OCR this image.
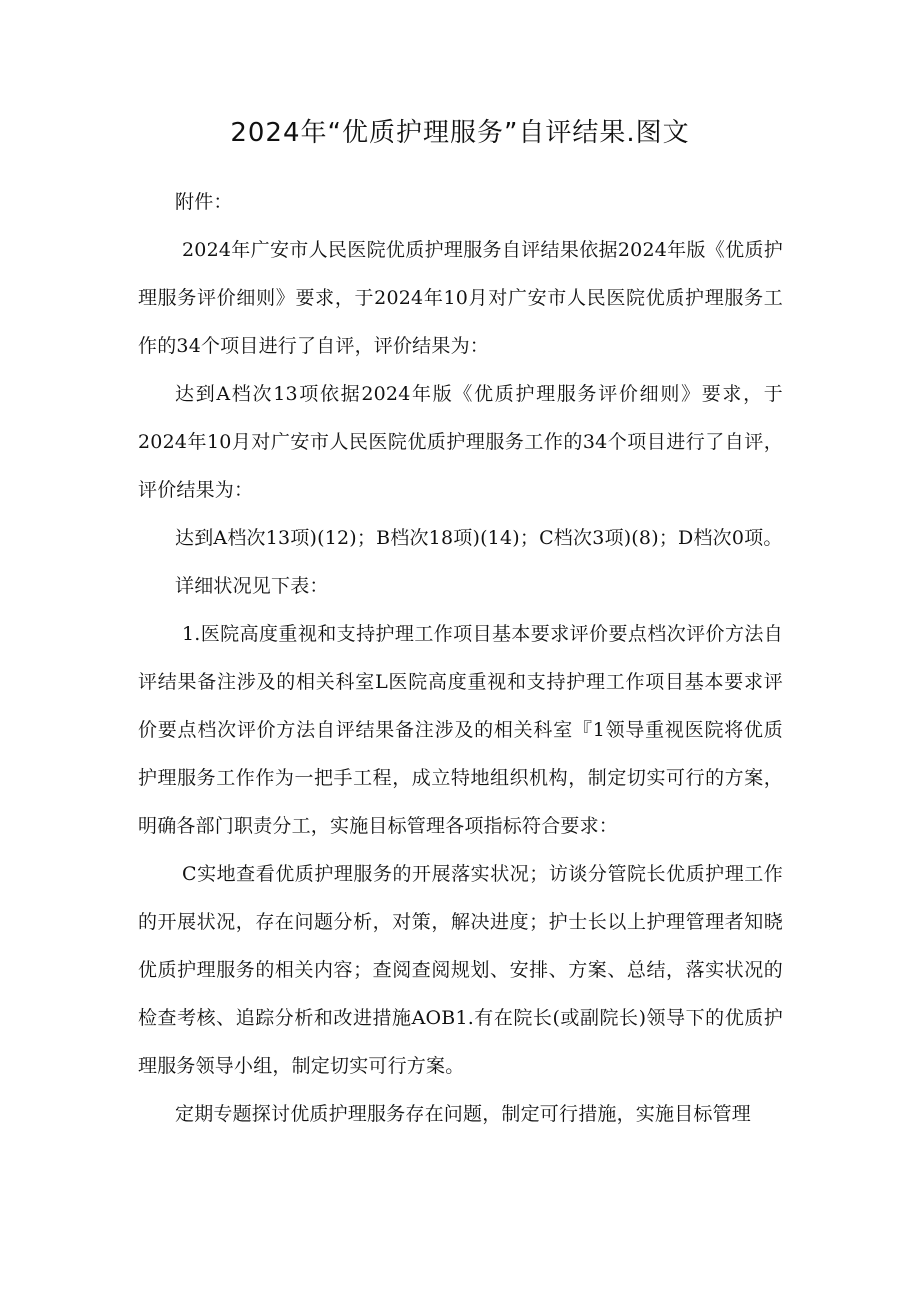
2024年“优质护理服务”自评结果.图文

附件：

2024年广安市人民医院优质护理服务自评结果依据2024年版《优质护理服务评价细则》要求，于2024年10月对广安市人民医院优质护理服务工作的34个项目进行了自评，评价结果为：

达到A档次13项依据2024年版《优质护理服务评价细则》要求，于2024年10月对广安市人民医院优质护理服务工作的34个项目进行了自评，评价结果为：

达到A档次13项)(12)；B档次18项)(14)；C档次3项)(8)；D档次0项。

详细状况见下表：

1.医院高度重视和支持护理工作项目基本要求评价要点档次评价方法自评结果备注涉及的相关科室L医院高度重视和支持护理工作项目基本要求评价要点档次评价方法自评结果备注涉及的相关科室『1领导重视医院将优质护理服务工作作为一把手工程，成立特地组织机构，制定切实可行的方案，明确各部门职责分工，实施目标管理各项指标符合要求：

C实地查看优质护理服务的开展落实状况；访谈分管院长优质护理工作的开展状况，存在问题分析，对策，解决进度；护士长以上护理管理者知晓优质护理服务的相关内容；查阅查阅规划、安排、方案、总结，落实状况的检查考核、追踪分析和改进措施AOB1.有在院长(或副院长)领导下的优质护理服务领导小组，制定切实可行方案。

定期专题探讨优质护理服务存在问题，制定可行措施，实施目标管理
